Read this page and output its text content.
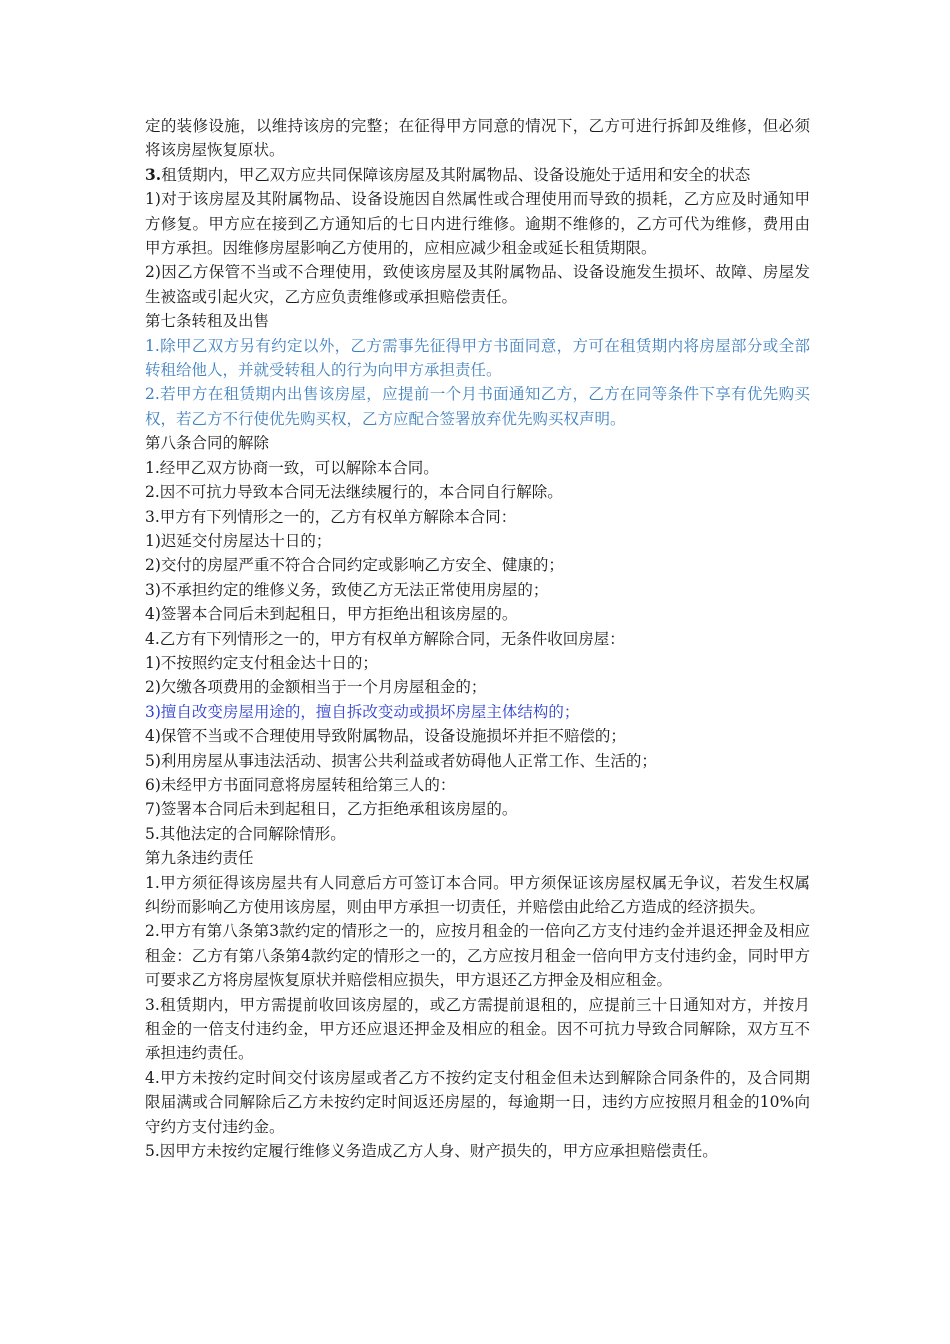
定的装修设施，以维持该房的完整；在征得甲方同意的情况下，乙方可进行拆卸及维修，但必须将该房屋恢复原状。

3.租赁期内，甲乙双方应共同保障该房屋及其附属物品、设备设施处于适用和安全的状态

1)对于该房屋及其附属物品、设备设施因自然属性或合理使用而导致的损耗，乙方应及时通知甲方修复。甲方应在接到乙方通知后的七日内进行维修。逾期不维修的，乙方可代为维修，费用由甲方承担。因维修房屋影响乙方使用的，应相应减少租金或延长租赁期限。

2)因乙方保管不当或不合理使用，致使该房屋及其附属物品、设备设施发生损坏、故障、房屋发生被盗或引起火灾，乙方应负责维修或承担赔偿责任。

第七条转租及出售

1.除甲乙双方另有约定以外，乙方需事先征得甲方书面同意，方可在租赁期内将房屋部分或全部转租给他人，并就受转租人的行为向甲方承担责任。

2.若甲方在租赁期内出售该房屋，应提前一个月书面通知乙方，乙方在同等条件下享有优先购买权，若乙方不行使优先购买权，乙方应配合签署放弃优先购买权声明。

第八条合同的解除

1.经甲乙双方协商一致，可以解除本合同。

2.因不可抗力导致本合同无法继续履行的，本合同自行解除。

3.甲方有下列情形之一的，乙方有权单方解除本合同：

1)迟延交付房屋达十日的；

2)交付的房屋严重不符合合同约定或影响乙方安全、健康的；

3)不承担约定的维修义务，致使乙方无法正常使用房屋的；

4)签署本合同后未到起租日，甲方拒绝出租该房屋的。

4.乙方有下列情形之一的，甲方有权单方解除合同，无条件收回房屋：

1)不按照约定支付租金达十日的；

2)欠缴各项费用的金额相当于一个月房屋租金的；

3)擅自改变房屋用途的，擅自拆改变动或损坏房屋主体结构的；

4)保管不当或不合理使用导致附属物品，设备设施损坏并拒不赔偿的；

5)利用房屋从事违法活动、损害公共利益或者妨碍他人正常工作、生活的；

6)未经甲方书面同意将房屋转租给第三人的：

7)签署本合同后未到起租日，乙方拒绝承租该房屋的。

5.其他法定的合同解除情形。

第九条违约责任

1.甲方须征得该房屋共有人同意后方可签订本合同。甲方须保证该房屋权属无争议，若发生权属纠纷而影响乙方使用该房屋，则由甲方承担一切责任，并赔偿由此给乙方造成的经济损失。

2.甲方有第八条第3款约定的情形之一的，应按月租金的一倍向乙方支付违约金并退还押金及相应租金：乙方有第八条第4款约定的情形之一的，乙方应按月租金一倍向甲方支付违约金，同时甲方可要求乙方将房屋恢复原状并赔偿相应损失，甲方退还乙方押金及相应租金。

3.租赁期内，甲方需提前收回该房屋的，或乙方需提前退租的，应提前三十日通知对方，并按月租金的一倍支付违约金，甲方还应退还押金及相应的租金。因不可抗力导致合同解除，双方互不承担违约责任。

4.甲方未按约定时间交付该房屋或者乙方不按约定支付租金但未达到解除合同条件的，及合同期限届满或合同解除后乙方未按约定时间返还房屋的，每逾期一日，违约方应按照月租金的10%向守约方支付违约金。

5.因甲方未按约定履行维修义务造成乙方人身、财产损失的，甲方应承担赔偿责任。
